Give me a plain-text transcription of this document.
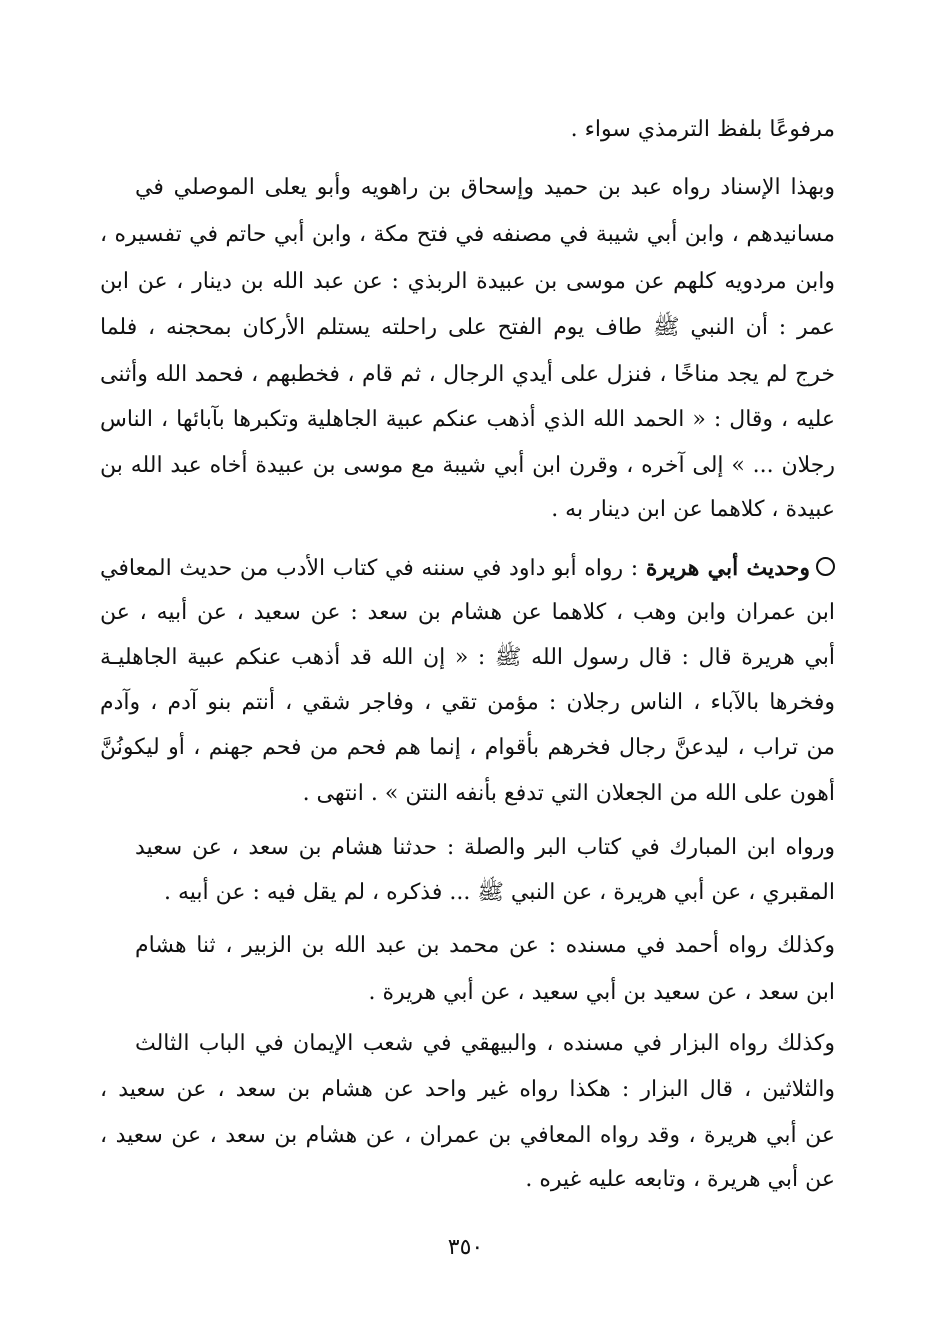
مرفوعًا بلفظ الترمذي سواء .
وبهذا الإسناد رواه عبد بن حميد وإسحاق بن راهويه وأبو يعلى الموصلي في
مسانيدهم ، وابن أبي شيبة في مصنفه في فتح مكة ، وابن أبي حاتم في تفسيره ،
وابن مردويه كلهم عن موسى بن عبيدة الربذي : عن عبد الله بن دينار ، عن ابن
عمر : أن النبي ﷺ طاف يوم الفتح على راحلته يستلم الأركان بمحجنه ، فلما
خرج لم يجد مناخًا ، فنزل على أيدي الرجال ، ثم قام ، فخطبهم ، فحمد الله وأثنى
عليه ، وقال : « الحمد الله الذي أذهب عنكم عبية الجاهلية وتكبرها بآبائها ، الناس
رجلان ... » إلى آخره ، وقرن ابن أبي شيبة مع موسى بن عبيدة أخاه عبد الله بن
عبيدة ، كلاهما عن ابن دينار به .
وحديث أبي هريرة : رواه أبو داود في سننه في كتاب الأدب من حديث المعافي
ابن عمران وابن وهب ، كلاهما عن هشام بن سعد : عن سعيد ، عن أبيه ، عن
أبي هريرة قال : قال رسول الله ﷺ : « إن الله قد أذهب عنكم عبية الجاهليـة
وفخرها بالآباء ، الناس رجلان : مؤمن تقي ، وفاجر شقي ، أنتم بنو آدم ، وآدم
من تراب ، ليدعنَّ رجال فخرهم بأقوام ، إنما هم فحم من فحم جهنم ، أو ليكونُنَّ
أهون على الله من الجعلان التي تدفع بأنفه النتن » . انتهى .
ورواه ابن المبارك في كتاب البر والصلة : حدثنا هشام بن سعد ، عن سعيد
المقبري ، عن أبي هريرة ، عن النبي ﷺ ... فذكره ، لم يقل فيه : عن أبيه .
وكذلك رواه أحمد في مسنده : عن محمد بن عبد الله بن الزبير ، ثنا هشام
ابن سعد ، عن سعيد بن أبي سعيد ، عن أبي هريرة .
وكذلك رواه البزار في مسنده ، والبيهقي في شعب الإيمان في الباب الثالث
والثلاثين ، قال البزار : هكذا رواه غير واحد عن هشام بن سعد ، عن سعيد ،
عن أبي هريرة ، وقد رواه المعافي بن عمران ، عن هشام بن سعد ، عن سعيد ،
عن أبي هريرة ، وتابعه عليه غيره .
٣٥٠
